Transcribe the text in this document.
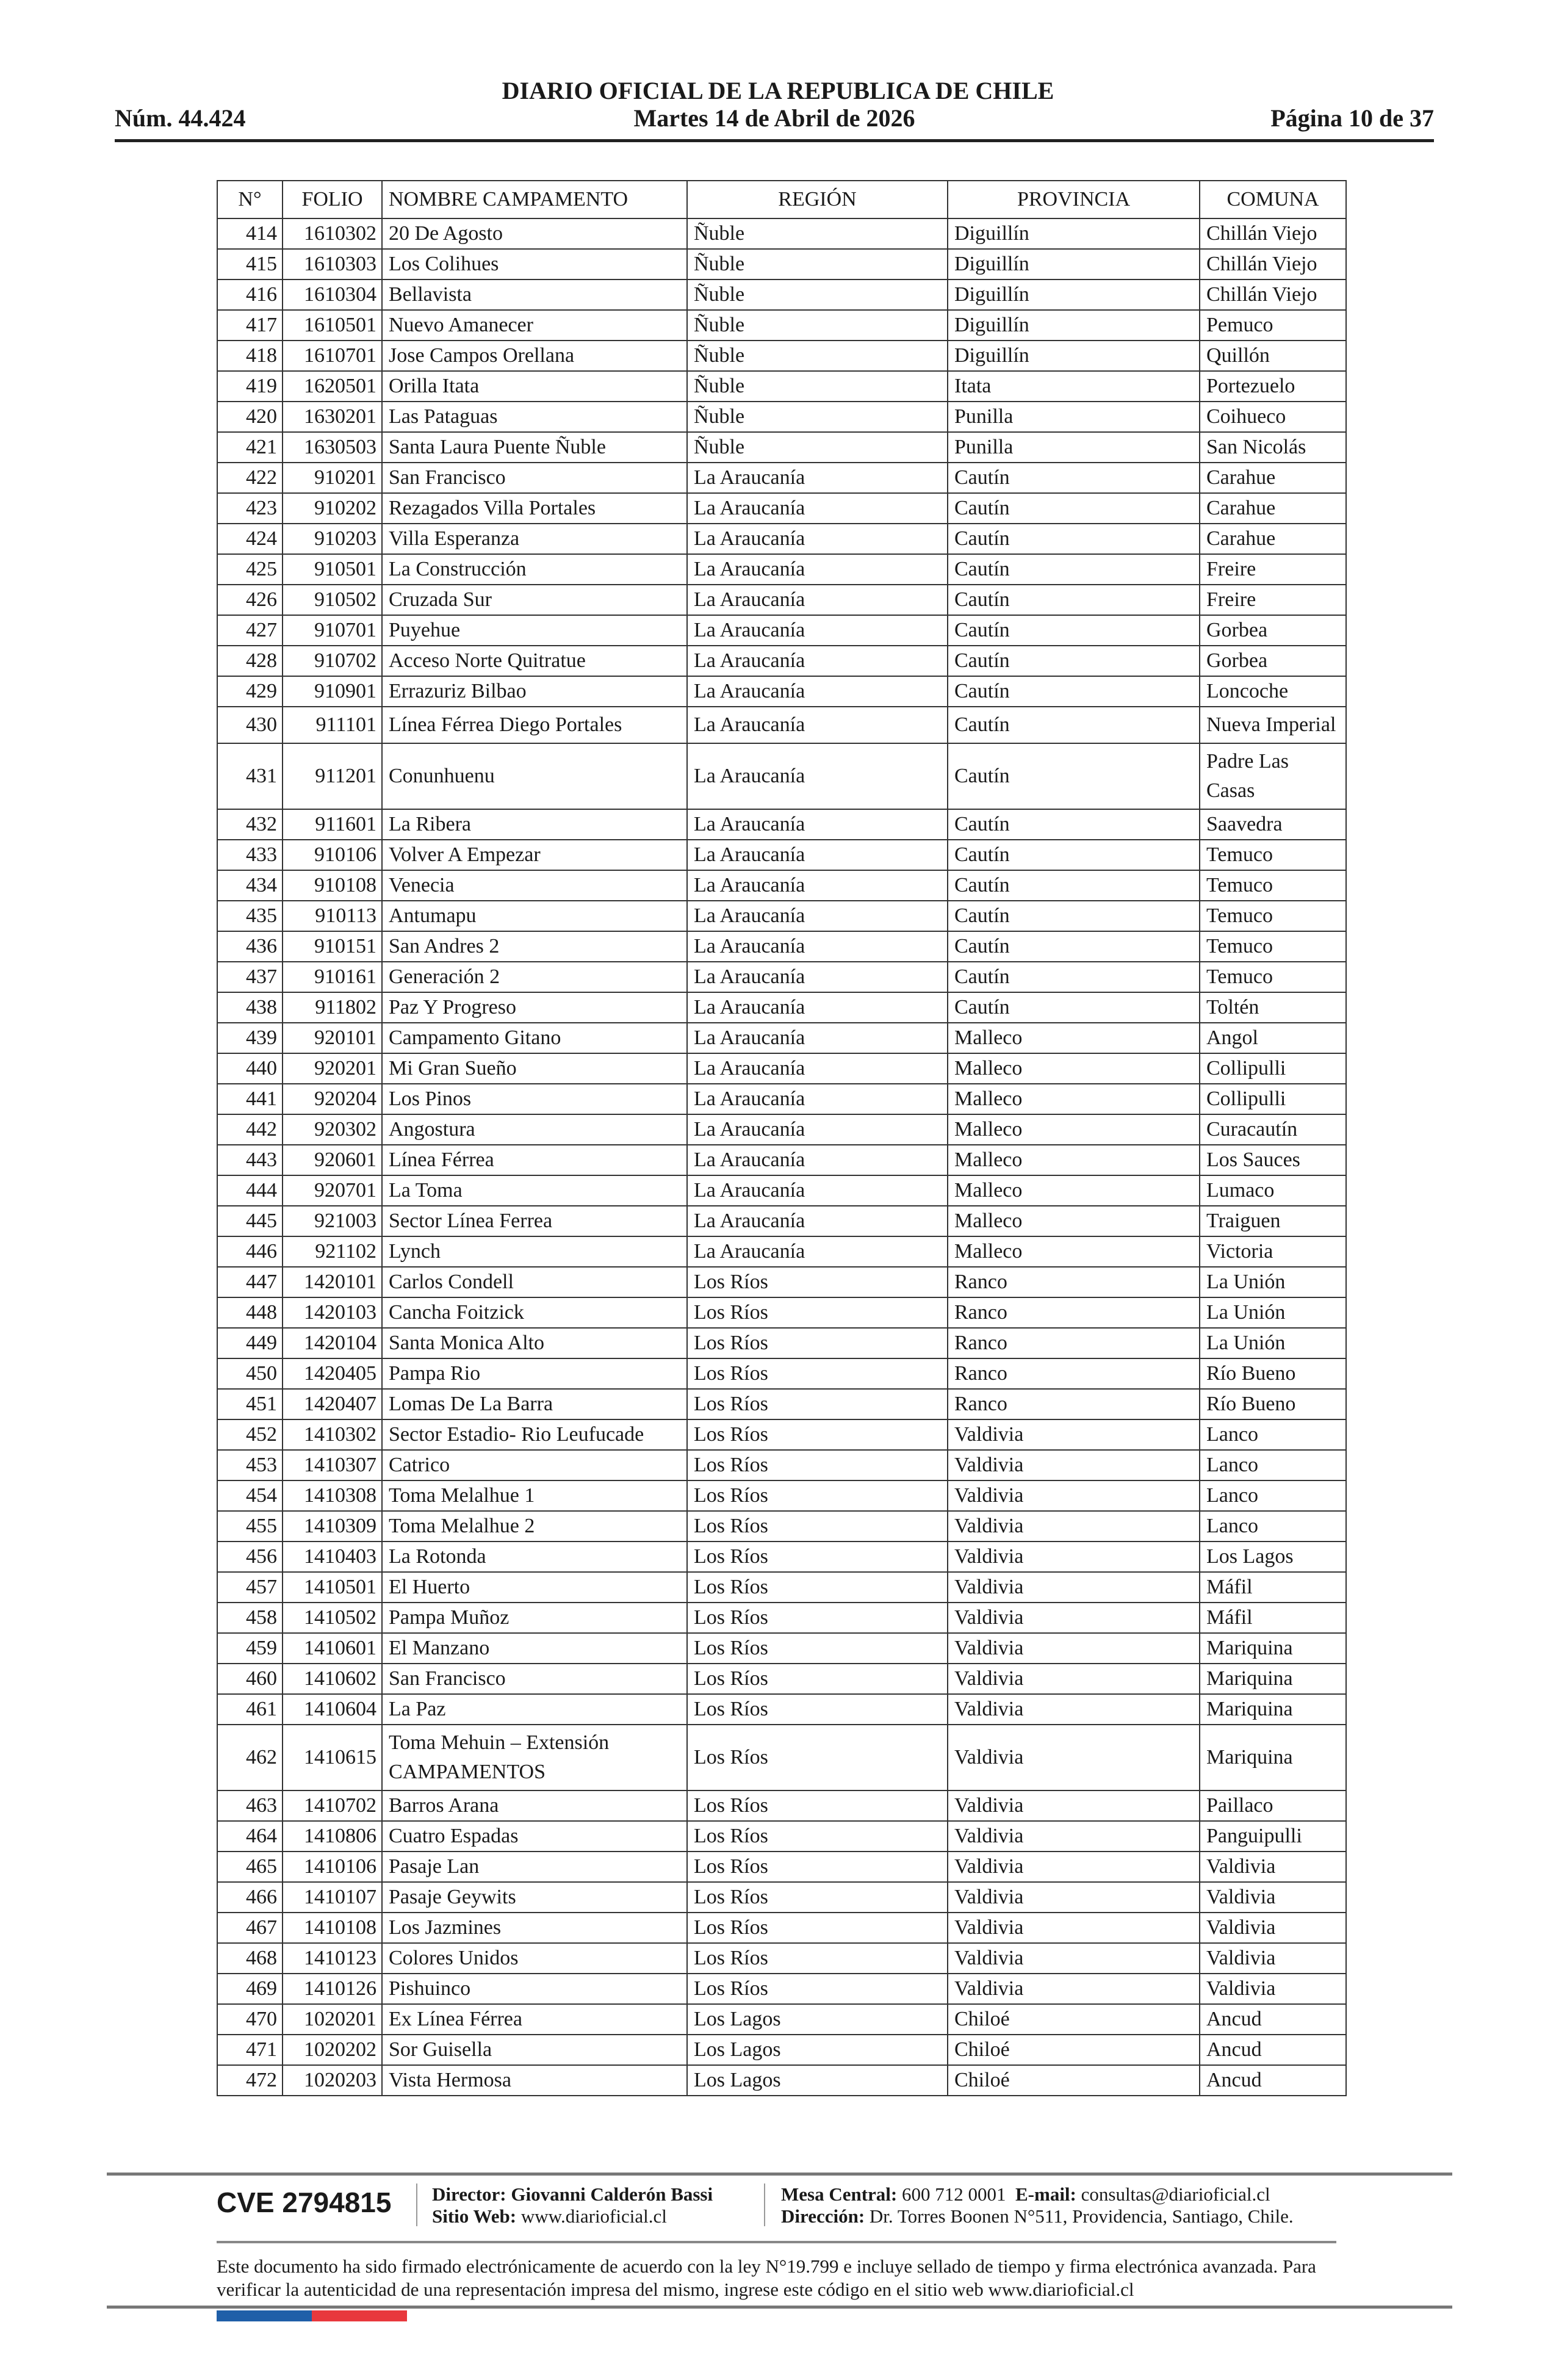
DIARIO OFICIAL DE LA REPUBLICA DE CHILE
Núm. 44.424	Martes 14 de Abril de 2026	Página 10 de 37
N°	FOLIO	NOMBRE CAMPAMENTO	REGIÓN	PROVINCIA	COMUNA
414	1610302	20 De Agosto	Ñuble	Diguillín	Chillán Viejo
415	1610303	Los Colihues	Ñuble	Diguillín	Chillán Viejo
416	1610304	Bellavista	Ñuble	Diguillín	Chillán Viejo
417	1610501	Nuevo Amanecer	Ñuble	Diguillín	Pemuco
418	1610701	Jose Campos Orellana	Ñuble	Diguillín	Quillón
419	1620501	Orilla Itata	Ñuble	Itata	Portezuelo
420	1630201	Las Pataguas	Ñuble	Punilla	Coihueco
421	1630503	Santa Laura Puente Ñuble	Ñuble	Punilla	San Nicolás
422	910201	San Francisco	La Araucanía	Cautín	Carahue
423	910202	Rezagados Villa Portales	La Araucanía	Cautín	Carahue
424	910203	Villa Esperanza	La Araucanía	Cautín	Carahue
425	910501	La Construcción	La Araucanía	Cautín	Freire
426	910502	Cruzada Sur	La Araucanía	Cautín	Freire
427	910701	Puyehue	La Araucanía	Cautín	Gorbea
428	910702	Acceso Norte Quitratue	La Araucanía	Cautín	Gorbea
429	910901	Errazuriz Bilbao	La Araucanía	Cautín	Loncoche
430	911101	Línea Férrea Diego Portales	La Araucanía	Cautín	Nueva Imperial
431	911201	Conunhuenu	La Araucanía	Cautín	Padre Las Casas
432	911601	La Ribera	La Araucanía	Cautín	Saavedra
433	910106	Volver A Empezar	La Araucanía	Cautín	Temuco
434	910108	Venecia	La Araucanía	Cautín	Temuco
435	910113	Antumapu	La Araucanía	Cautín	Temuco
436	910151	San Andres 2	La Araucanía	Cautín	Temuco
437	910161	Generación 2	La Araucanía	Cautín	Temuco
438	911802	Paz Y Progreso	La Araucanía	Cautín	Toltén
439	920101	Campamento Gitano	La Araucanía	Malleco	Angol
440	920201	Mi Gran Sueño	La Araucanía	Malleco	Collipulli
441	920204	Los Pinos	La Araucanía	Malleco	Collipulli
442	920302	Angostura	La Araucanía	Malleco	Curacautín
443	920601	Línea Férrea	La Araucanía	Malleco	Los Sauces
444	920701	La Toma	La Araucanía	Malleco	Lumaco
445	921003	Sector Línea Ferrea	La Araucanía	Malleco	Traiguen
446	921102	Lynch	La Araucanía	Malleco	Victoria
447	1420101	Carlos Condell	Los Ríos	Ranco	La Unión
448	1420103	Cancha Foitzick	Los Ríos	Ranco	La Unión
449	1420104	Santa Monica Alto	Los Ríos	Ranco	La Unión
450	1420405	Pampa Rio	Los Ríos	Ranco	Río Bueno
451	1420407	Lomas De La Barra	Los Ríos	Ranco	Río Bueno
452	1410302	Sector Estadio- Rio Leufucade	Los Ríos	Valdivia	Lanco
453	1410307	Catrico	Los Ríos	Valdivia	Lanco
454	1410308	Toma Melalhue 1	Los Ríos	Valdivia	Lanco
455	1410309	Toma Melalhue 2	Los Ríos	Valdivia	Lanco
456	1410403	La Rotonda	Los Ríos	Valdivia	Los Lagos
457	1410501	El Huerto	Los Ríos	Valdivia	Máfil
458	1410502	Pampa Muñoz	Los Ríos	Valdivia	Máfil
459	1410601	El Manzano	Los Ríos	Valdivia	Mariquina
460	1410602	San Francisco	Los Ríos	Valdivia	Mariquina
461	1410604	La Paz	Los Ríos	Valdivia	Mariquina
462	1410615	Toma Mehuin – Extensión CAMPAMENTOS	Los Ríos	Valdivia	Mariquina
463	1410702	Barros Arana	Los Ríos	Valdivia	Paillaco
464	1410806	Cuatro Espadas	Los Ríos	Valdivia	Panguipulli
465	1410106	Pasaje Lan	Los Ríos	Valdivia	Valdivia
466	1410107	Pasaje Geywits	Los Ríos	Valdivia	Valdivia
467	1410108	Los Jazmines	Los Ríos	Valdivia	Valdivia
468	1410123	Colores Unidos	Los Ríos	Valdivia	Valdivia
469	1410126	Pishuinco	Los Ríos	Valdivia	Valdivia
470	1020201	Ex Línea Férrea	Los Lagos	Chiloé	Ancud
471	1020202	Sor Guisella	Los Lagos	Chiloé	Ancud
472	1020203	Vista Hermosa	Los Lagos	Chiloé	Ancud
CVE 2794815 Director: Giovanni Calderón Bassi
Sitio Web: www.diarioficial.cl
Mesa Central: 600 712 0001 E-mail: consultas@diarioficial.cl
Dirección: Dr. Torres Boonen N°511, Providencia, Santiago, Chile.
Este documento ha sido firmado electrónicamente de acuerdo con la ley N°19.799 e incluye sellado de tiempo y firma electrónica avanzada. Para verificar la autenticidad de una representación impresa del mismo, ingrese este código en el sitio web www.diarioficial.cl
